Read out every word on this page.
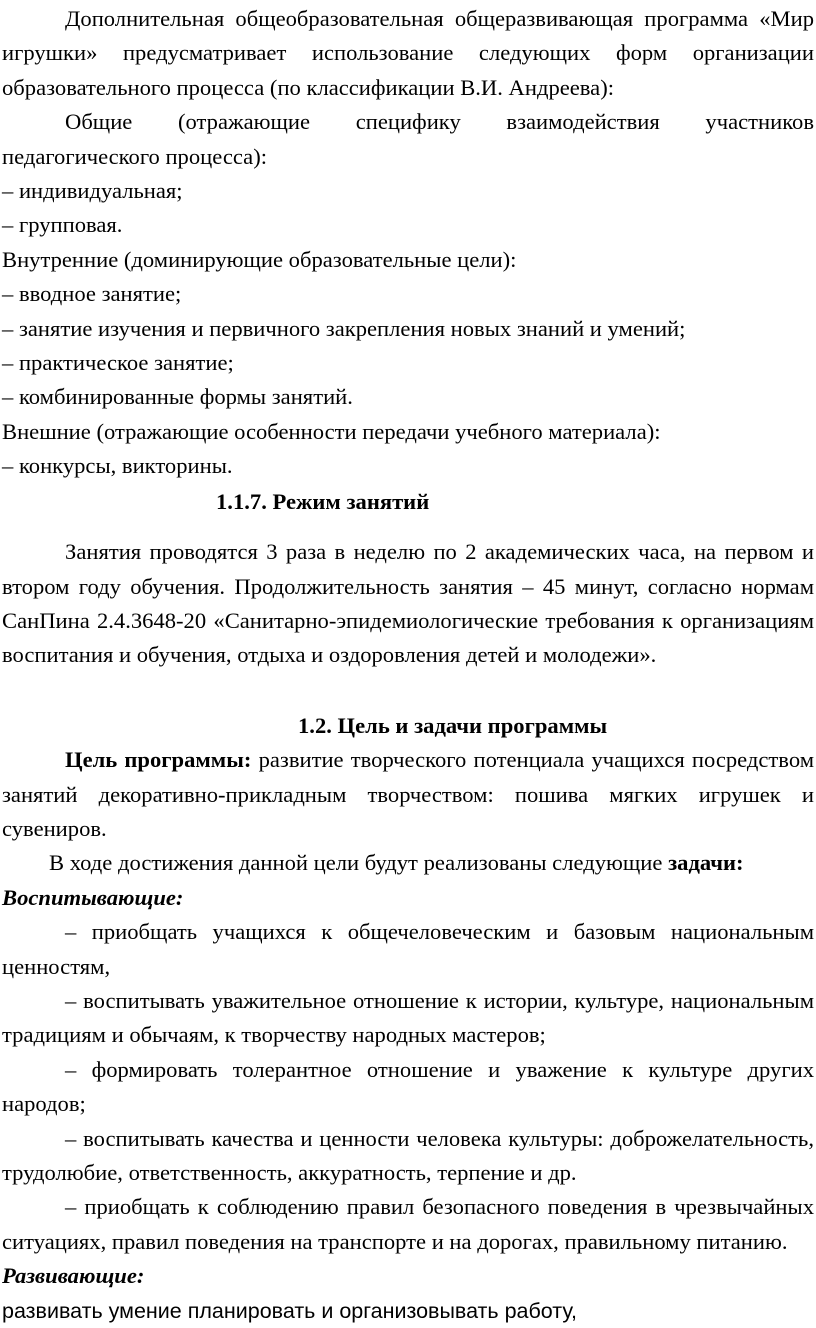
Дополнительная общеобразовательная общеразвивающая программа «Мир игрушки» предусматривает использование следующих форм организации образовательного процесса (по классификации В.И. Андреева):

Общие (отражающие специфику взаимодействия участников педагогического процесса):

– индивидуальная;

– групповая.

Внутренние (доминирующие образовательные цели):

– вводное занятие;

– занятие изучения и первичного закрепления новых знаний и умений;

– практическое занятие;

– комбинированные формы занятий.

Внешние (отражающие особенности передачи учебного материала):

– конкурсы, викторины.

1.1.7. Режим занятий

Занятия проводятся 3 раза в неделю по 2 академических часа, на первом и втором году обучения. Продолжительность занятия – 45 минут, согласно нормам СанПина 2.4.3648-20 «Санитарно-эпидемиологические требования к организациям воспитания и обучения, отдыха и оздоровления детей и молодежи».

1.2. Цель и задачи программы

Цель программы: развитие творческого потенциала учащихся посредством занятий декоративно-прикладным творчеством: пошива мягких игрушек и сувениров.

В ходе достижения данной цели будут реализованы следующие задачи:

Воспитывающие:

– приобщать учащихся к общечеловеческим и базовым национальным ценностям,

– воспитывать уважительное отношение к истории, культуре, национальным традициям и обычаям, к творчеству народных мастеров;

– формировать толерантное отношение и уважение к культуре других народов;

– воспитывать качества и ценности человека культуры: доброжелательность, трудолюбие, ответственность, аккуратность, терпение и др.

– приобщать к соблюдению правил безопасного поведения в чрезвычайных ситуациях, правил поведения на транспорте и на дорогах, правильному питанию.

Развивающие:

развивать умение планировать и организовывать работу,
